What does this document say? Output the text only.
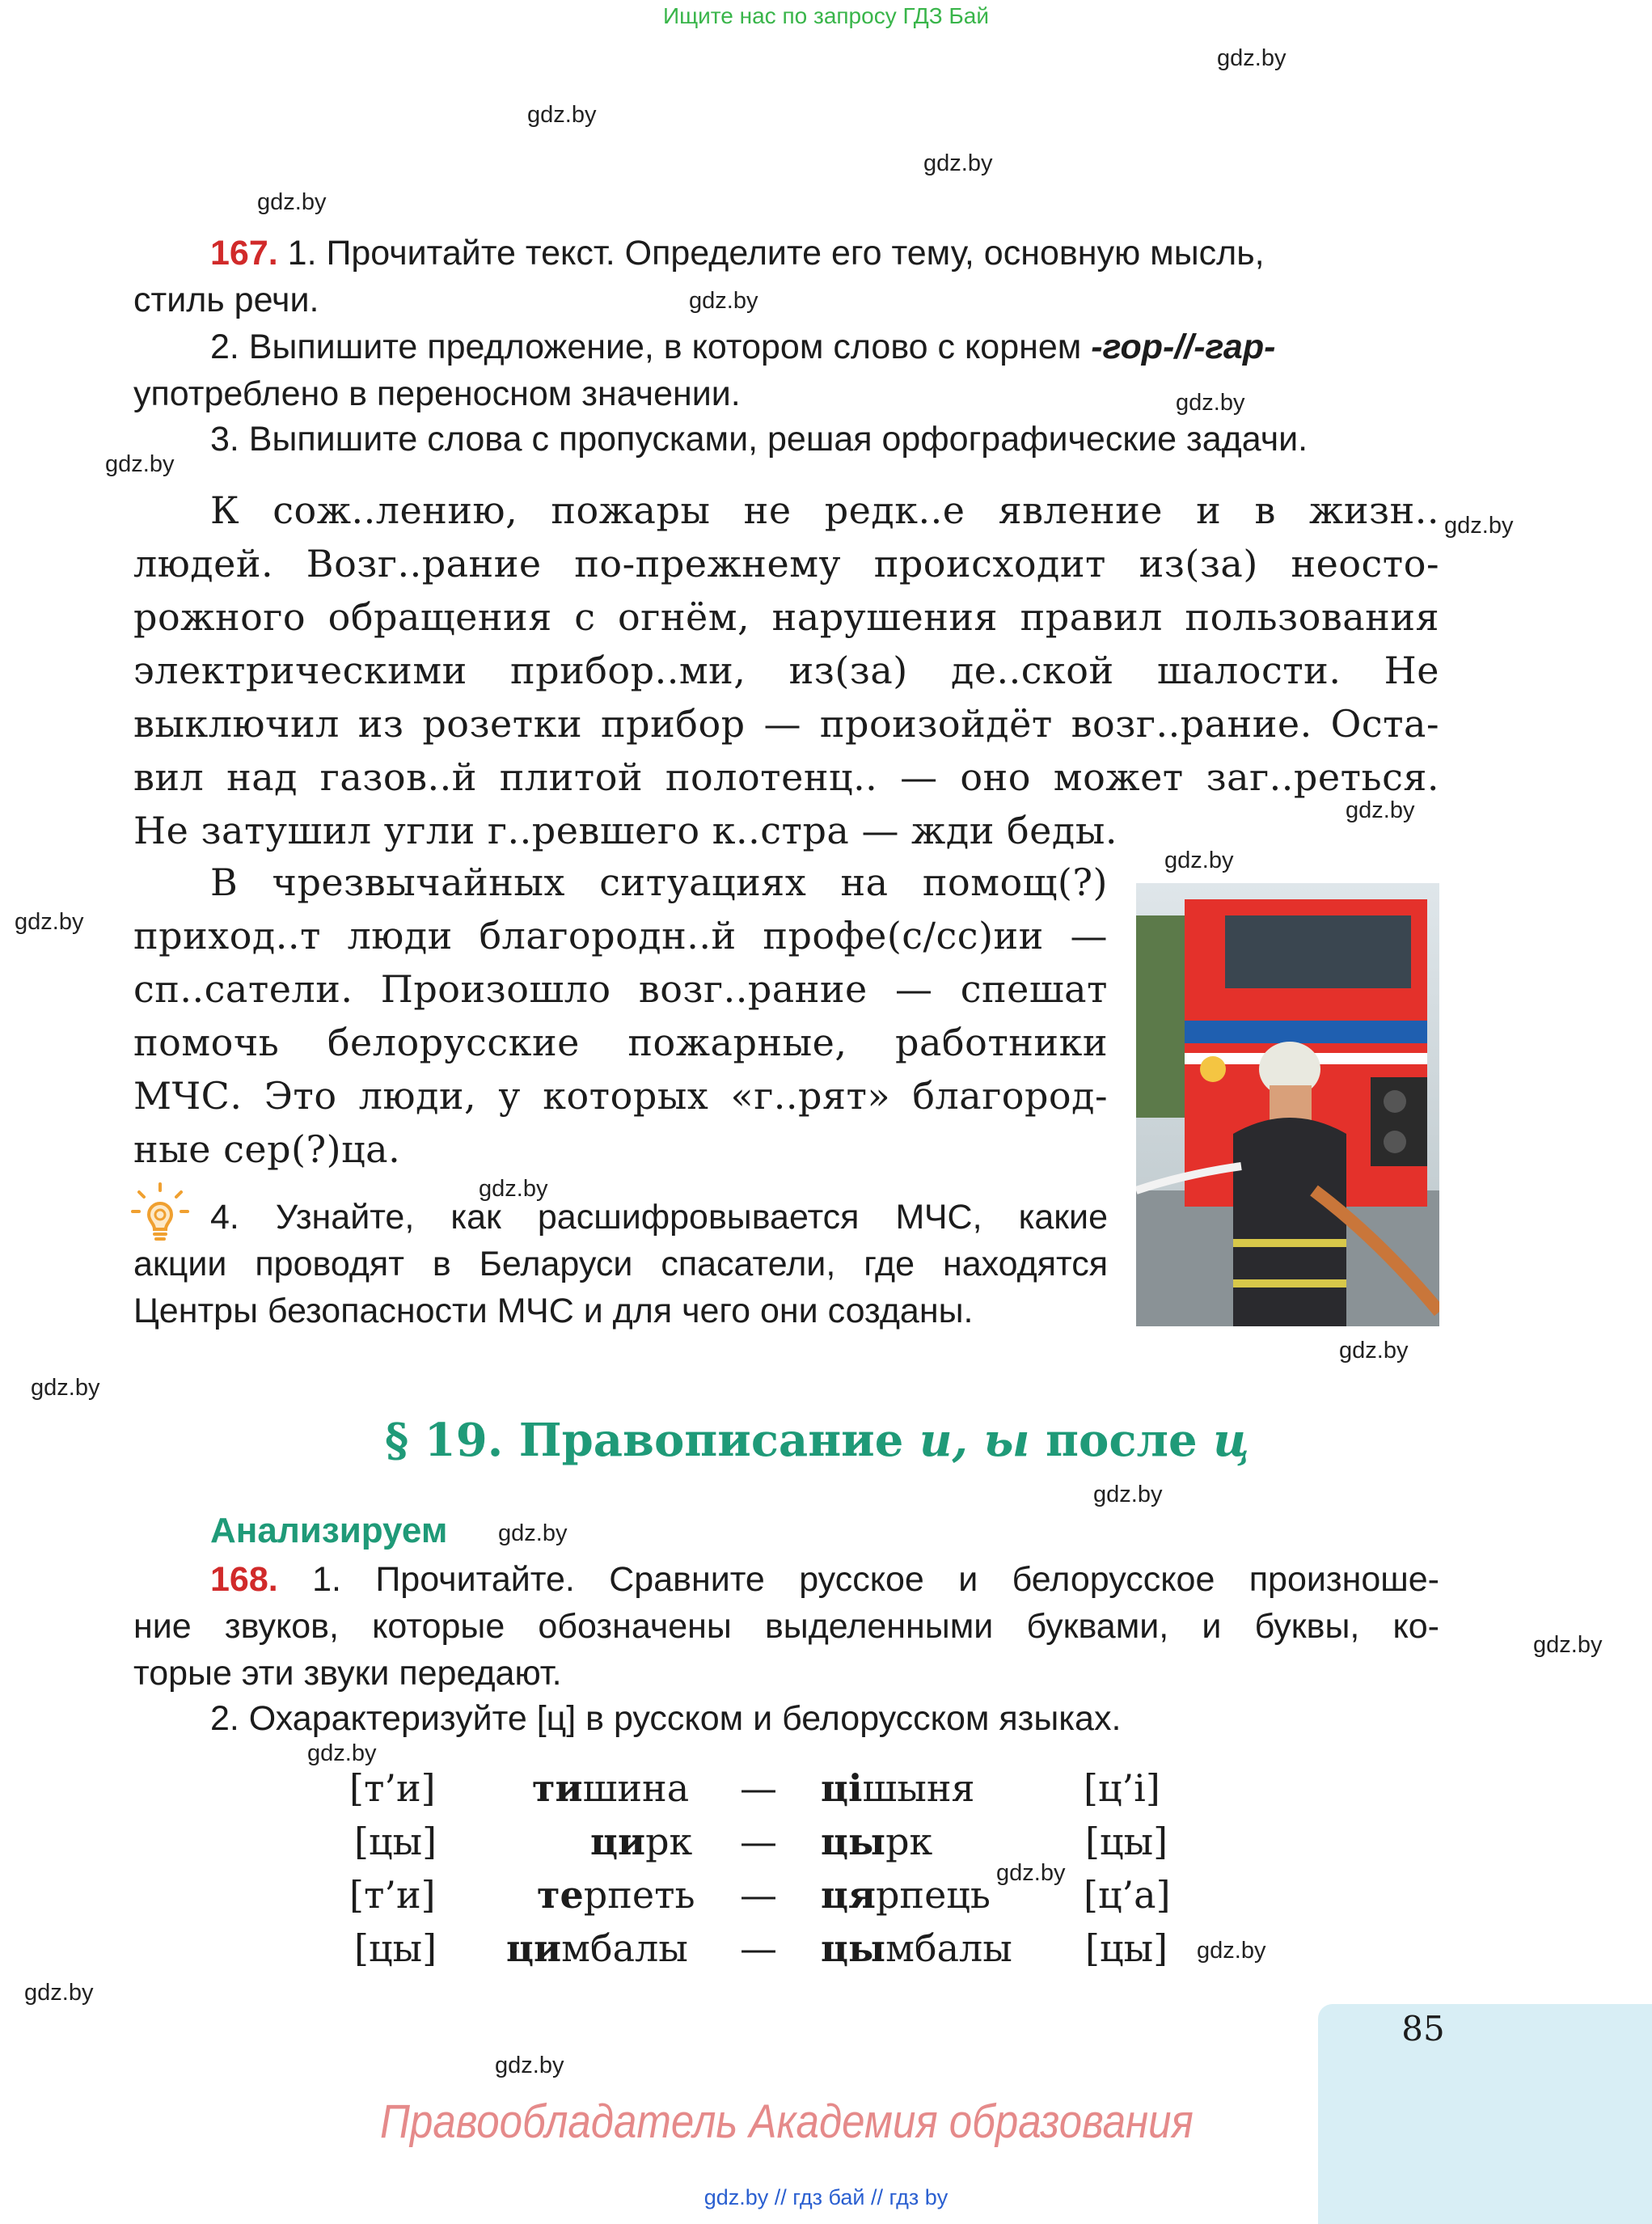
Ищите нас по запросу ГДЗ Бай
gdz.by
gdz.by
gdz.by
gdz.by
gdz.by
gdz.by
gdz.by
gdz.by
gdz.by
gdz.by
gdz.by
gdz.by
gdz.by
gdz.by
gdz.by
gdz.by
gdz.by
gdz.by
gdz.by
gdz.by
gdz.by
gdz.by
167. 1. Прочитайте текст. Определите его тему, основную мысль,
стиль речи.
2. Выпишите предложение, в котором слово с корнем -гор-//-гар-
употреблено в переносном значении.
3. Выпишите слова с пропусками, решая орфографические задачи.
К сож..лению, пожары не редк..е явление и в жизн..
людей. Возг..рание по-прежнему происходит из(за) неосто-
рожного обращения с огнём, нарушения правил пользования
электрическими прибор..ми, из(за) де..ской шалости. Не
выключил из розетки прибор — произойдёт возг..рание. Оста-
вил над газов..й плитой полотенц.. — оно может заг..реться.
Не затушил угли г..ревшего к..стра — жди беды.
В чрезвычайных ситуациях на помощ(?)
приход..т люди благородн..й профе(с/сс)ии —
сп..сатели. Произошло возг..рание — спешат
помочь белорусские пожарные, работники
МЧС. Это люди, у которых «г..рят» благород-
ные сер(?)ца.
4. Узнайте, как расшифровывается МЧС, какие
акции проводят в Беларуси спасатели, где находятся
Центры безопасности МЧС и для чего они созданы.
§ 19. Правописание и, ы после ц
Анализируем
168. 1. Прочитайте. Сравните русское и белорусское произноше-
ние звуков, которые обозначены выделенными буквами, и буквы, ко-
торые эти звуки передают.
2. Охарактеризуйте [ц] в русском и белорусском языках.
[т’и]	тишина — цішыня	[ц’і]
[цы]	цирк — цырк	[цы]
[т’и]	терпеть — цярпець	[ц’а]
[цы] цимбалы — цымбалы [цы]
85
Правообладатель Академия образования
gdz.by // гдз бай // гдз by
